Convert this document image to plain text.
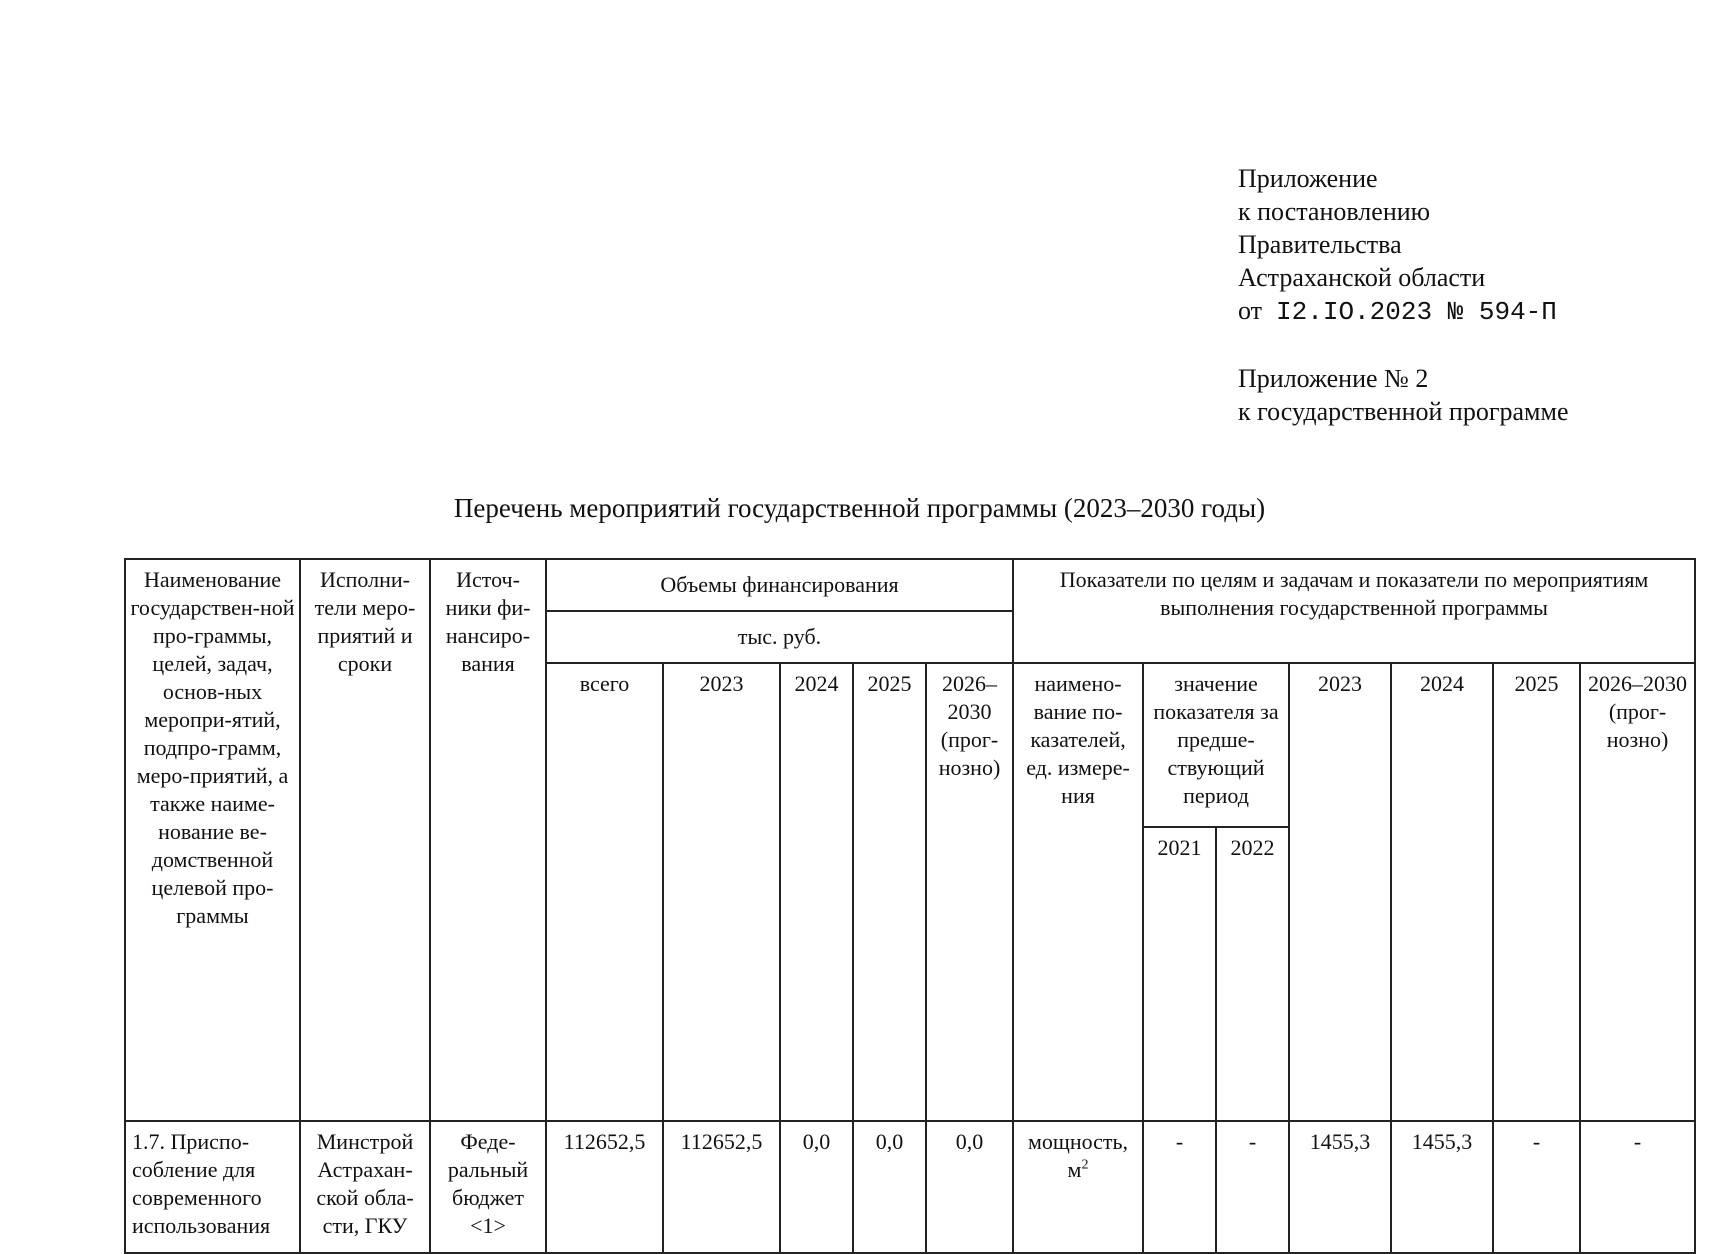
Приложение
к постановлению
Правительства
Астраханской области
от I2.IO.2023 № 594-П
Приложение № 2
к государственной программе
Перечень мероприятий государственной программы (2023–2030 годы)
Наименование государствен-ной про-граммы, целей, задач, основ-ных меропри-ятий, подпро-грамм, меро-приятий, а также наиме-нование ве-домственной целевой про-граммы	Исполни-тели меро-приятий и сроки	Источ-ники фи-нансиро-вания	Объемы финансирования					Показатели по целям и задачам и показатели по мероприятиям выполнения государственной программы						
			тыс. руб.											
			всего	2023	2024	2025	2026–2030 (прог-нозно)	наимено-вание по-казателей, ед. измере-ния	значение показателя за предше-ствующий период		2023	2024	2025	2026–2030 (прог-нозно)
									2021	2022				
1.7. Приспо-собление для современного использования	Минстрой Астрахан-ской обла-сти, ГКУ	Феде-ральный бюджет <1>	112652,5	112652,5	0,0	0,0	0,0	мощность, $м^2$	-	-	1455,3	1455,3	-	-
